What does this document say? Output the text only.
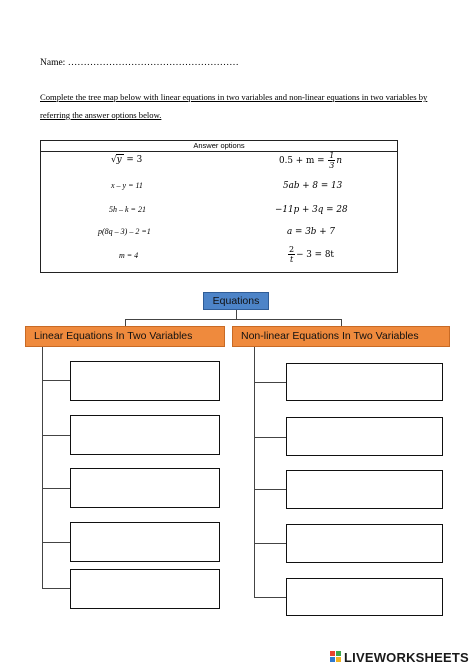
Name: ………………………………………………
Complete the tree map below with linear equations in two variables and non-linear equations in two variables by referring the answer options below.
Answer options
√y = 3
x – y = 11
5h – k = 21
p(8q – 3) – 2 =1
m = 4
$0.5 + m = \frac{1}{3}$ n
5ab + 8 = 13
−11p + 3q = 28
a = 3b + 7
$\frac{2}{t} - 3 = 8t$
Equations
Linear Equations In Two Variables	Non-linear Equations In Two Variables
LIVEWORKSHEETS
